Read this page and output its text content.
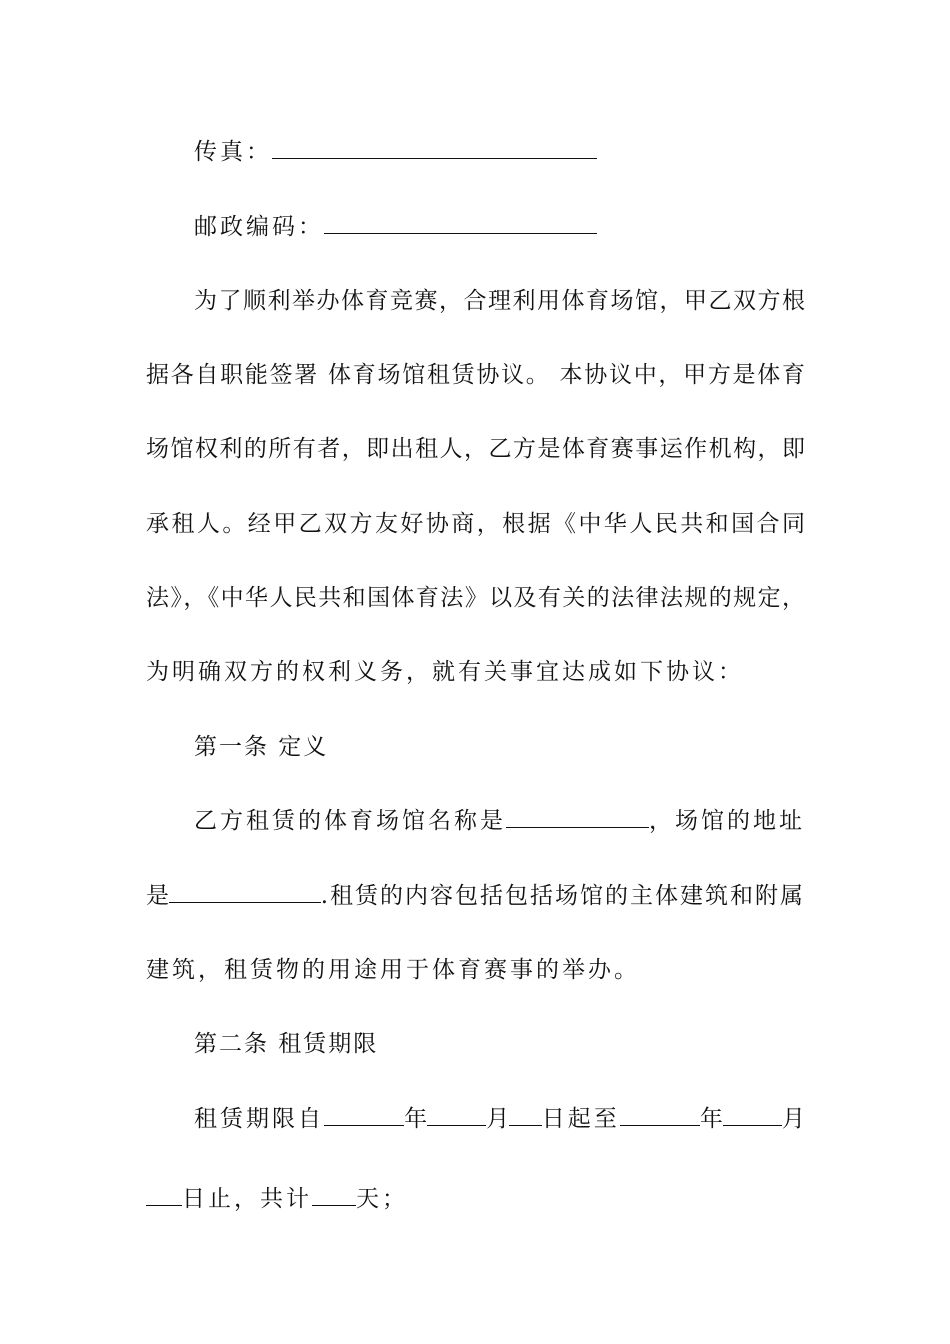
传真：
邮政编码：
为了顺利举办体育竞赛，合理利用体育场馆，甲乙双方根
据各自职能签署 体育场馆租赁协议。 本协议中，甲方是体育
场馆权利的所有者，即出租人，乙方是体育赛事运作机构，即
承租人。经甲乙双方友好协商，根据《中华人民共和国合同
法》，《中华人民共和国体育法》以及有关的法律法规的规定，
为明确双方的权利义务，就有关事宜达成如下协议：
第一条 定义
乙方租赁的体育场馆名称是	，场馆的地址
是	.租赁的内容包括包括场馆的主体建筑和附属
建筑，租赁物的用途用于体育赛事的举办。
第二条 租赁期限
租赁期限自	年	月 日起至	年	月
日止，共计 天；
